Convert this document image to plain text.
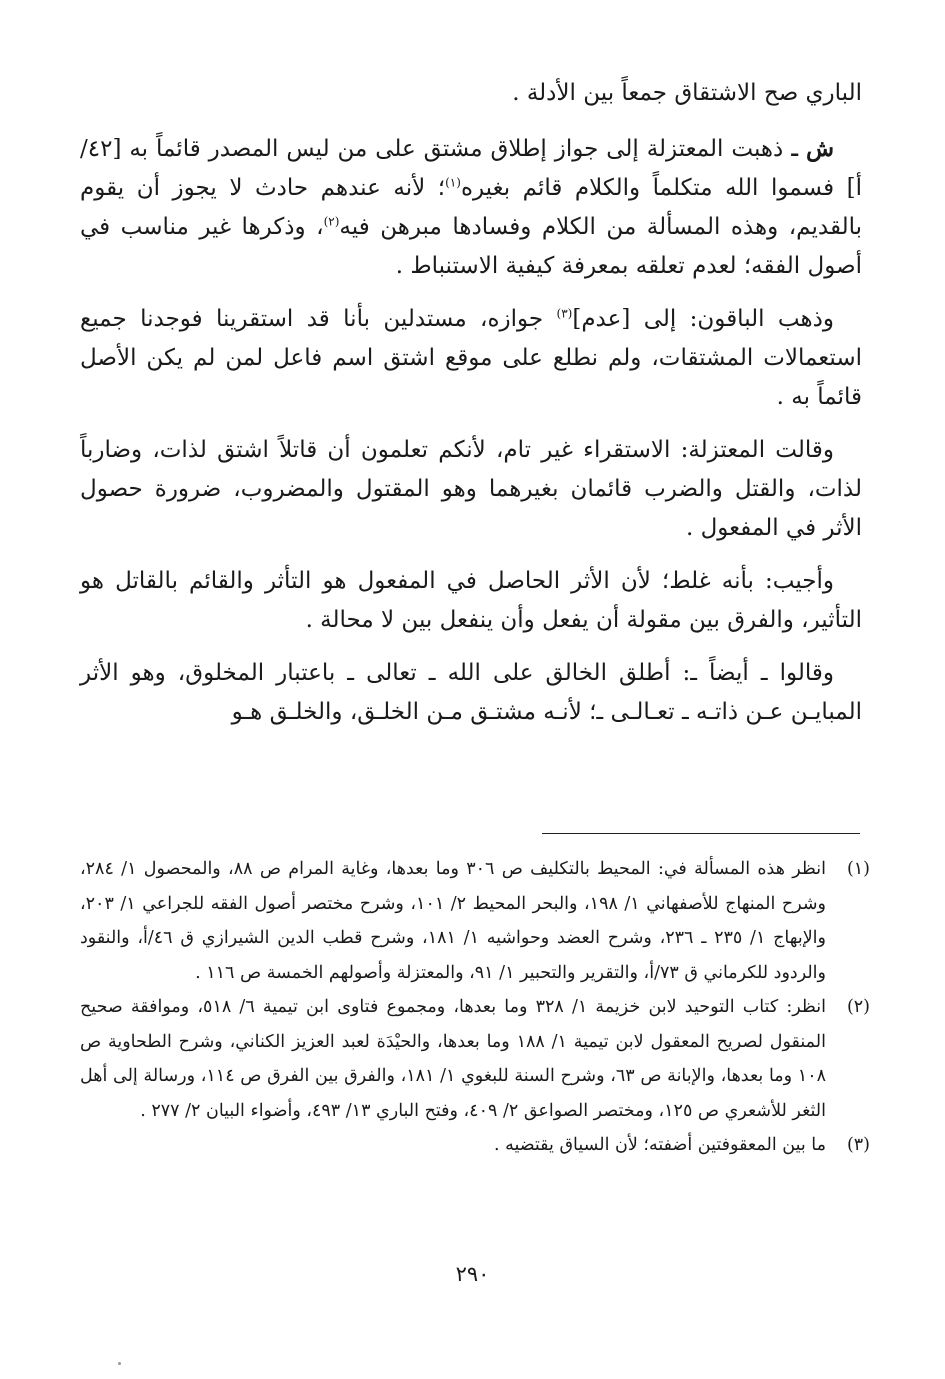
الباري صح الاشتقاق جمعاً بين الأدلة .

ش ـ ذهبت المعتزلة إلى جواز إطلاق مشتق على من ليس المصدر قائماً به [٤٢/أ] فسموا الله متكلماً والكلام قائم بغيره$^{(١)}$؛ لأنه عندهم حادث لا يجوز أن يقوم بالقديم، وهذه المسألة من الكلام وفسادها مبرهن فيه$^{(٢)}$، وذكرها غير مناسب في أصول الفقه؛ لعدم تعلقه بمعرفة كيفية الاستنباط .

وذهب الباقون: إلى [عدم]$^{(٣)}$ جوازه، مستدلين بأنا قد استقرينا فوجدنا جميع استعمالات المشتقات، ولم نطلع على موقع اشتق اسم فاعل لمن لم يكن الأصل قائماً به .

وقالت المعتزلة: الاستقراء غير تام، لأنكم تعلمون أن قاتلاً اشتق لذات، وضارباً لذات، والقتل والضرب قائمان بغيرهما وهو المقتول والمضروب، ضرورة حصول الأثر في المفعول .

وأجيب: بأنه غلط؛ لأن الأثر الحاصل في المفعول هو التأثر والقائم بالقاتل هو التأثير، والفرق بين مقولة أن يفعل وأن ينفعل بين لا محالة .

وقالوا ـ أيضاً ـ: أطلق الخالق على الله ـ تعالى ـ باعتبار المخلوق، وهو الأثر المبايـن عـن ذاتـه ـ تعـالـى ـ؛ لأنـه مشتـق مـن الخلـق، والخلـق هـو

(١)
انظر هذه المسألة في: المحيط بالتكليف ص ٣٠٦ وما بعدها، وغاية المرام ص ٨٨، والمحصول ١/ ٢٨٤، وشرح المنهاج للأصفهاني ١/ ١٩٨، والبحر المحيط ٢/ ١٠١، وشرح مختصر أصول الفقه للجراعي ١/ ٢٠٣، والإبهاج ١/ ٢٣٥ ـ ٢٣٦، وشرح العضد وحواشيه ١/ ١٨١، وشرح قطب الدين الشيرازي ق ٤٦/أ، والنقود والردود للكرماني ق ٧٣/أ، والتقرير والتحبير ١/ ٩١، والمعتزلة وأصولهم الخمسة ص ١١٦ .

(٢)
انظر: كتاب التوحيد لابن خزيمة ١/ ٣٢٨ وما بعدها، ومجموع فتاوى ابن تيمية ٦/ ٥١٨، وموافقة صحيح المنقول لصريح المعقول لابن تيمية ١/ ١٨٨ وما بعدها، والحيْدَة لعبد العزيز الكناني، وشرح الطحاوية ص ١٠٨ وما بعدها، والإبانة ص ٦٣، وشرح السنة للبغوي ١/ ١٨١، والفرق بين الفرق ص ١١٤، ورسالة إلى أهل الثغر للأشعري ص ١٢٥، ومختصر الصواعق ٢/ ٤٠٩، وفتح الباري ١٣/ ٤٩٣، وأضواء البيان ٢/ ٢٧٧ .

(٣)
ما بين المعقوفتين أضفته؛ لأن السياق يقتضيه .

٢٩٠
